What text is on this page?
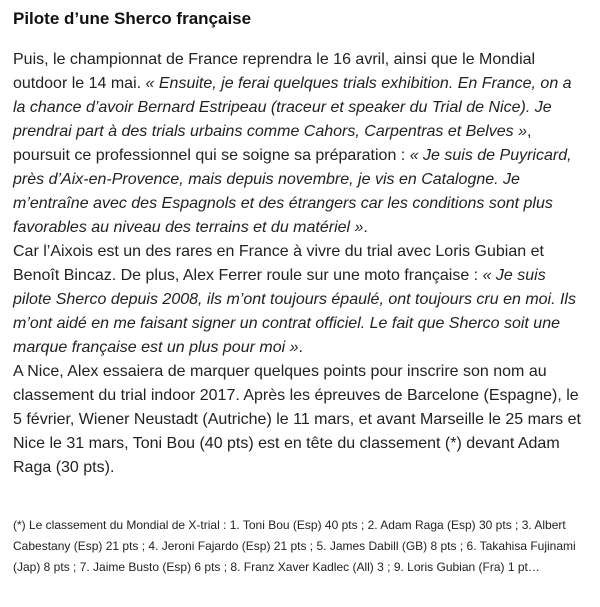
Pilote d’une Sherco française

Puis, le championnat de France reprendra le 16 avril, ainsi que le Mondial outdoor le 14 mai. « Ensuite, je ferai quelques trials exhibition. En France, on a la chance d’avoir Bernard Estripeau (traceur et speaker du Trial de Nice). Je prendrai part à des trials urbains comme Cahors, Carpentras et Belves », poursuit ce professionnel qui se soigne sa préparation : « Je suis de Puyricard, près d’Aix-en-Provence, mais depuis novembre, je vis en Catalogne. Je m’entraîne avec des Espagnols et des étrangers car les conditions sont plus favorables au niveau des terrains et du matériel ».

Car l’Aixois est un des rares en France à vivre du trial avec Loris Gubian et Benoît Bincaz. De plus, Alex Ferrer roule sur une moto française : « Je suis pilote Sherco depuis 2008, ils m’ont toujours épaulé, ont toujours cru en moi. Ils m’ont aidé en me faisant signer un contrat officiel. Le fait que Sherco soit une marque française est un plus pour moi ».

A Nice, Alex essaiera de marquer quelques points pour inscrire son nom au classement du trial indoor 2017. Après les épreuves de Barcelone (Espagne), le 5 février, Wiener Neustadt (Autriche) le 11 mars, et avant Marseille le 25 mars et Nice le 31 mars, Toni Bou (40 pts) est en tête du classement (*) devant Adam Raga (30 pts).

(*) Le classement du Mondial de X-trial : 1. Toni Bou (Esp) 40 pts ; 2. Adam Raga (Esp) 30 pts ; 3. Albert Cabestany (Esp) 21 pts ; 4. Jeroni Fajardo (Esp) 21 pts ; 5. James Dabill (GB) 8 pts ; 6. Takahisa Fujinami (Jap) 8 pts ; 7. Jaime Busto (Esp) 6 pts ; 8. Franz Xaver Kadlec (All) 3 ; 9. Loris Gubian (Fra) 1 pt…
